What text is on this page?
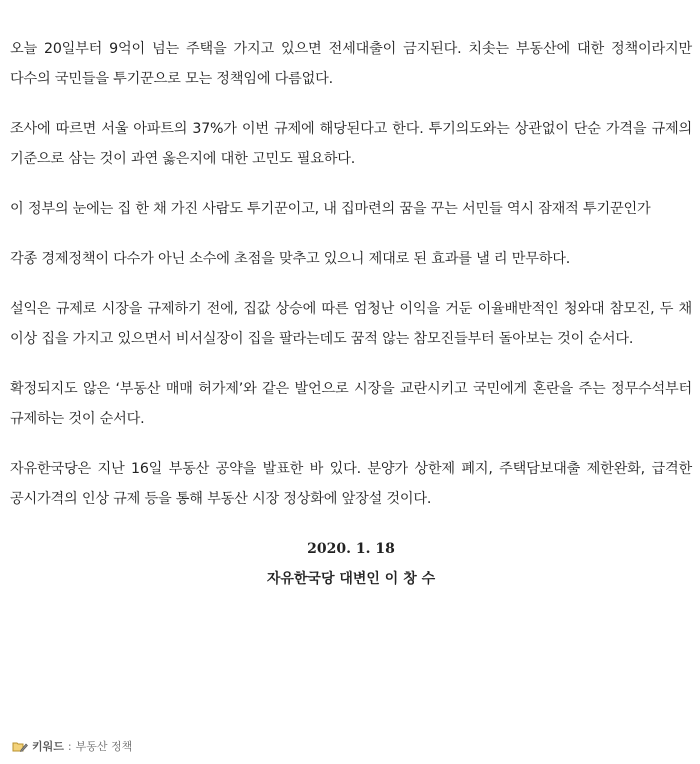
오늘 20일부터 9억이 넘는 주택을 가지고 있으면 전세대출이 금지된다. 치솟는 부동산에 대한 정책이라지만 다수의 국민들을 투기꾼으로 모는 정책임에 다름없다.

조사에 따르면 서울 아파트의 37%가 이번 규제에 해당된다고 한다. 투기의도와는 상관없이 단순 가격을 규제의 기준으로 삼는 것이 과연 옳은지에 대한 고민도 필요하다.

이 정부의 눈에는 집 한 채 가진 사람도 투기꾼이고, 내 집마련의 꿈을 꾸는 서민들 역시 잠재적 투기꾼인가

각종 경제정책이 다수가 아닌 소수에 초점을 맞추고 있으니 제대로 된 효과를 낼 리 만무하다.

설익은 규제로 시장을 규제하기 전에, 집값 상승에 따른 엄청난 이익을 거둔 이율배반적인 청와대 참모진, 두 채 이상 집을 가지고 있으면서 비서실장이 집을 팔라는데도 꿈적 않는 참모진들부터 돌아보는 것이 순서다.

확정되지도 않은 ‘부동산 매매 허가제’와 같은 발언으로 시장을 교란시키고 국민에게 혼란을 주는 정무수석부터 규제하는 것이 순서다.

자유한국당은 지난 16일 부동산 공약을 발표한 바 있다. 분양가 상한제 폐지, 주택담보대출 제한완화, 급격한 공시가격의 인상 규제 등을 통해 부동산 시장 정상화에 앞장설 것이다.

2020. 1. 18
자유한국당 대변인 이 창 수
키워드 : 부동산 정책
